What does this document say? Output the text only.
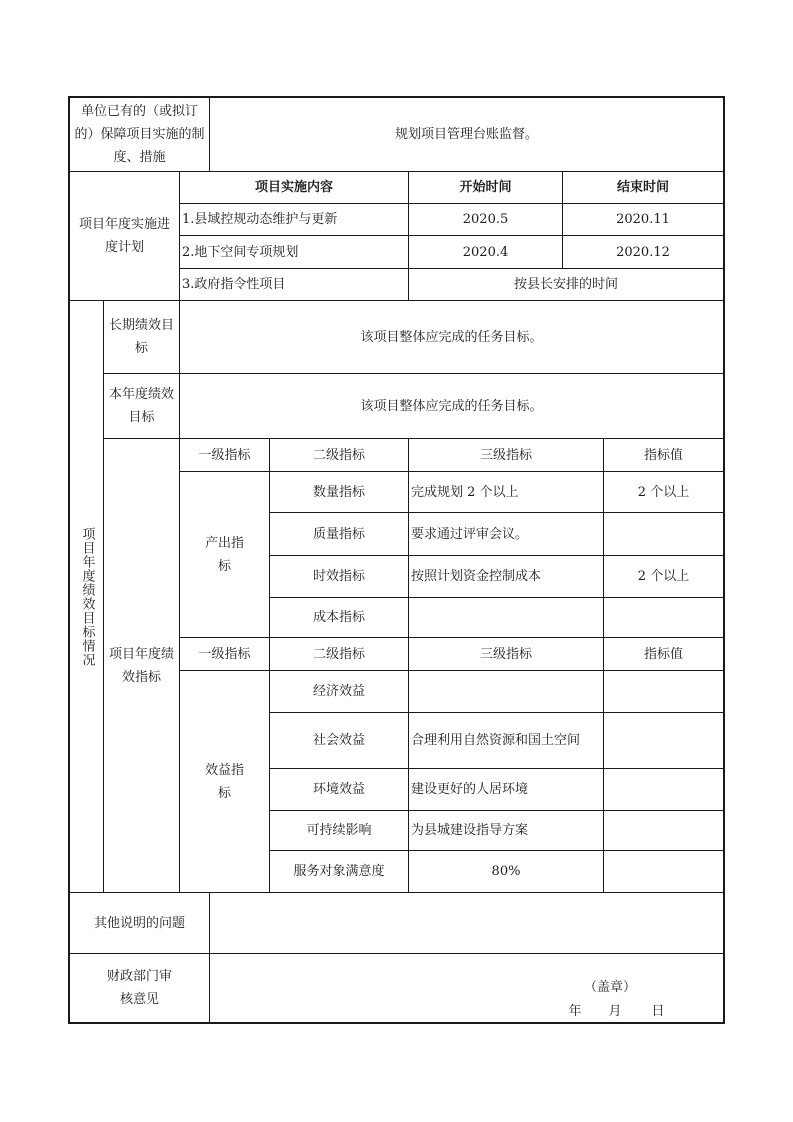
单位已有的（或拟订的）保障项目实施的制度、措施
规划项目管理台账监督。
项目年度实施进度计划
项目实施内容	开始时间	结束时间
1.县域控规动态维护与更新	2020.5	2020.11
2.地下空间专项规划	2020.4	2020.12
3.政府指令性项目	按县长安排的时间
项目年度绩效目标情况
长期绩效目标
该项目整体应完成的任务目标。
本年度绩效目标
该项目整体应完成的任务目标。
项目年度绩效指标
一级指标	二级指标	三级指标	指标值
产出指标
数量指标	完成规划 2 个以上	2 个以上
质量指标	要求通过评审会议。
时效指标	按照计划资金控制成本	2 个以上
成本指标
一级指标	二级指标	三级指标	指标值
效益指标
经济效益
社会效益	合理利用自然资源和国土空间
环境效益	建设更好的人居环境
可持续影响	为县城建设指导方案
服务对象满意度	80%
其他说明的问题
财政部门审核意见
（盖章）
年 月 日
